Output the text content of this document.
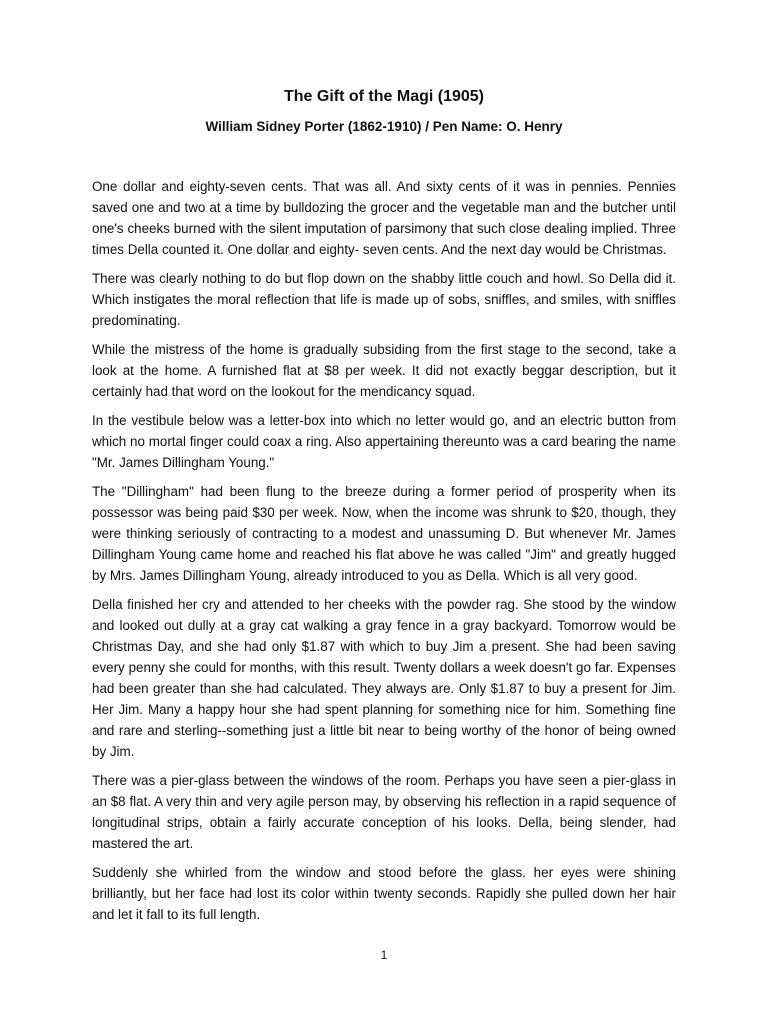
The Gift of the Magi (1905)
William Sidney Porter (1862-1910) / Pen Name: O. Henry

One dollar and eighty-seven cents. That was all. And sixty cents of it was in pennies. Pennies saved one and two at a time by bulldozing the grocer and the vegetable man and the butcher until one's cheeks burned with the silent imputation of parsimony that such close dealing implied. Three times Della counted it. One dollar and eighty- seven cents. And the next day would be Christmas.

There was clearly nothing to do but flop down on the shabby little couch and howl. So Della did it. Which instigates the moral reflection that life is made up of sobs, sniffles, and smiles, with sniffles predominating.

While the mistress of the home is gradually subsiding from the first stage to the second, take a look at the home. A furnished flat at $8 per week. It did not exactly beggar description, but it certainly had that word on the lookout for the mendicancy squad.

In the vestibule below was a letter-box into which no letter would go, and an electric button from which no mortal finger could coax a ring. Also appertaining thereunto was a card bearing the name "Mr. James Dillingham Young."

The "Dillingham" had been flung to the breeze during a former period of prosperity when its possessor was being paid $30 per week. Now, when the income was shrunk to $20, though, they were thinking seriously of contracting to a modest and unassuming D. But whenever Mr. James Dillingham Young came home and reached his flat above he was called "Jim" and greatly hugged by Mrs. James Dillingham Young, already introduced to you as Della. Which is all very good.

Della finished her cry and attended to her cheeks with the powder rag. She stood by the window and looked out dully at a gray cat walking a gray fence in a gray backyard. Tomorrow would be Christmas Day, and she had only $1.87 with which to buy Jim a present. She had been saving every penny she could for months, with this result. Twenty dollars a week doesn't go far. Expenses had been greater than she had calculated. They always are. Only $1.87 to buy a present for Jim. Her Jim. Many a happy hour she had spent planning for something nice for him. Something fine and rare and sterling--something just a little bit near to being worthy of the honor of being owned by Jim.

There was a pier-glass between the windows of the room. Perhaps you have seen a pier-glass in an $8 flat. A very thin and very agile person may, by observing his reflection in a rapid sequence of longitudinal strips, obtain a fairly accurate conception of his looks. Della, being slender, had mastered the art.

Suddenly she whirled from the window and stood before the glass. her eyes were shining brilliantly, but her face had lost its color within twenty seconds. Rapidly she pulled down her hair and let it fall to its full length.

1
